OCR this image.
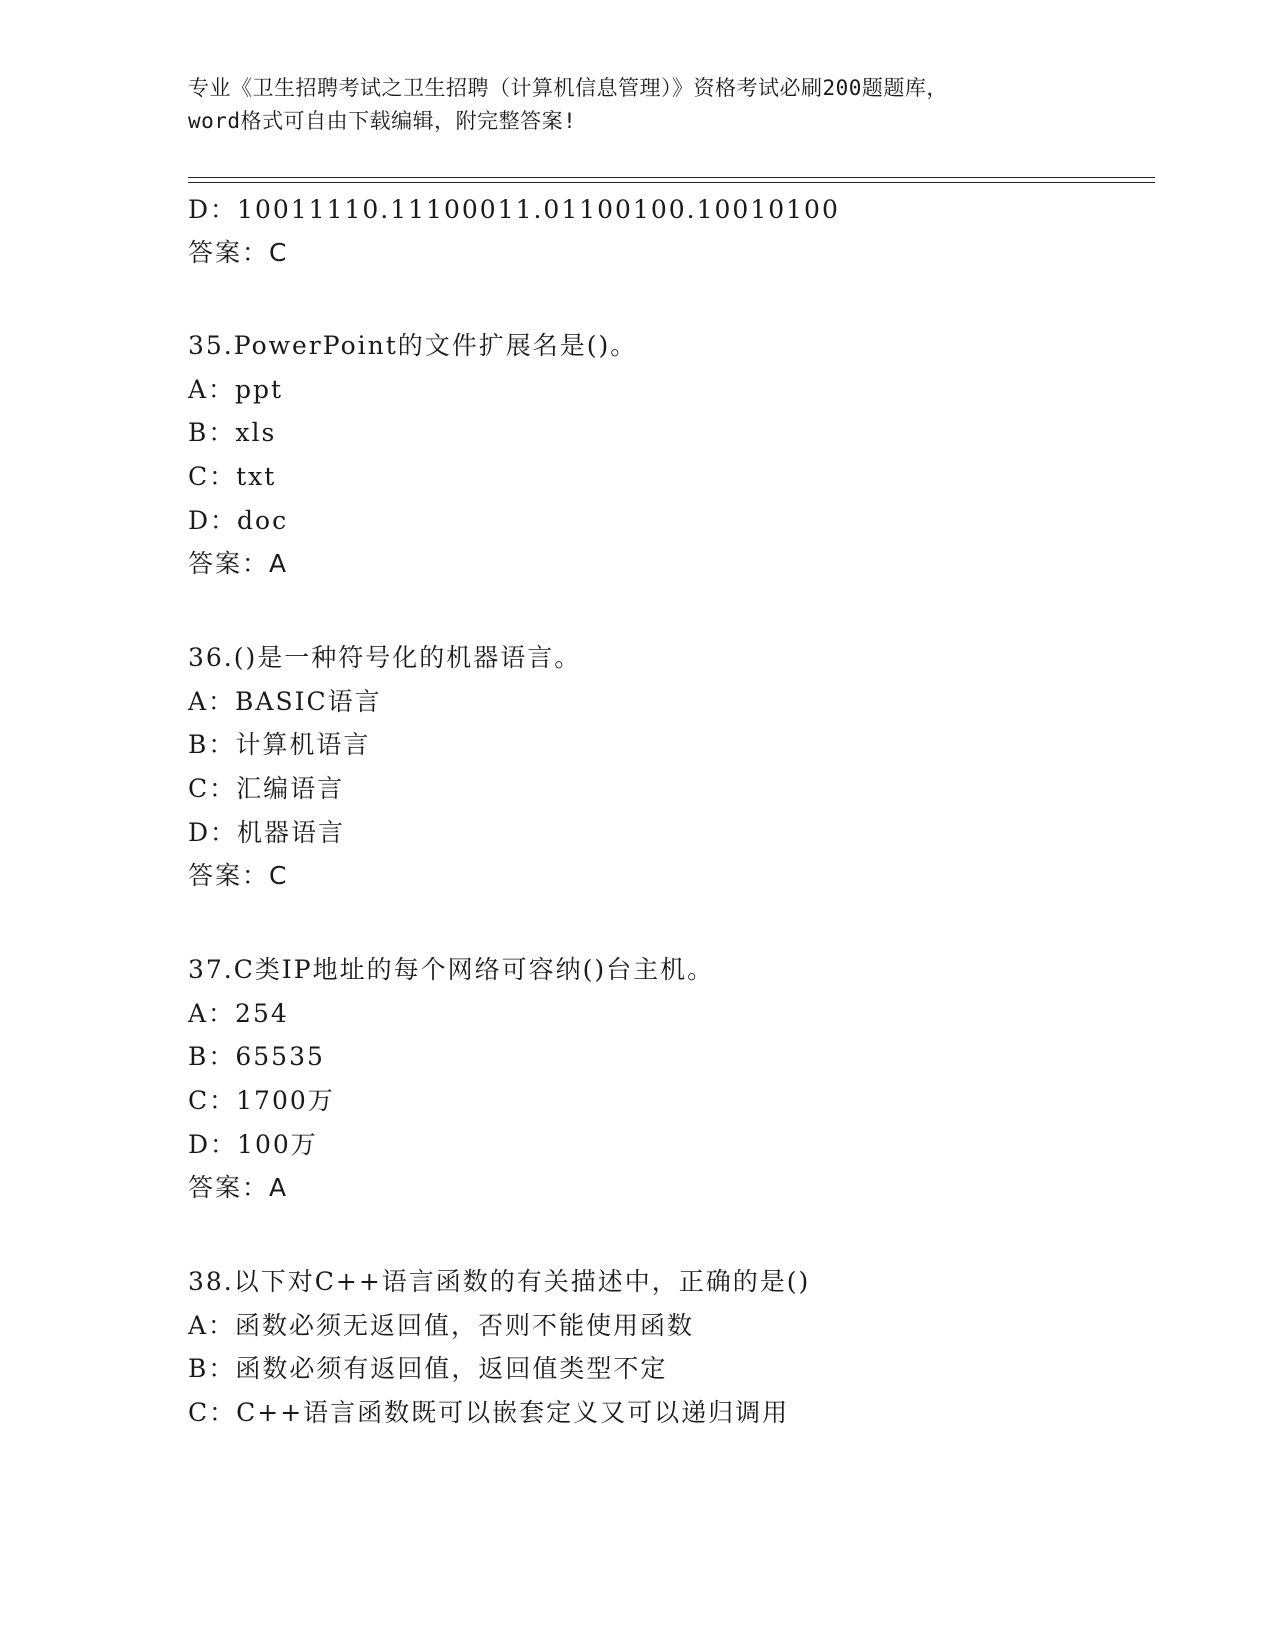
专业《卫生招聘考试之卫生招聘（计算机信息管理）》资格考试必刷200题题库，
word格式可自由下载编辑，附完整答案!
D：10011110.11100011.01100100.10010100
答案：C
35.PowerPoint的文件扩展名是()。
A：ppt
B：xls
C：txt
D：doc
答案：A
36.()是一种符号化的机器语言。
A：BASIC语言
B：计算机语言
C：汇编语言
D：机器语言
答案：C
37.C类IP地址的每个网络可容纳()台主机。
A：254
B：65535
C：1700万
D：100万
答案：A
38.以下对C++语言函数的有关描述中，正确的是()
A：函数必须无返回值，否则不能使用函数
B：函数必须有返回值，返回值类型不定
C：C++语言函数既可以嵌套定义又可以递归调用
